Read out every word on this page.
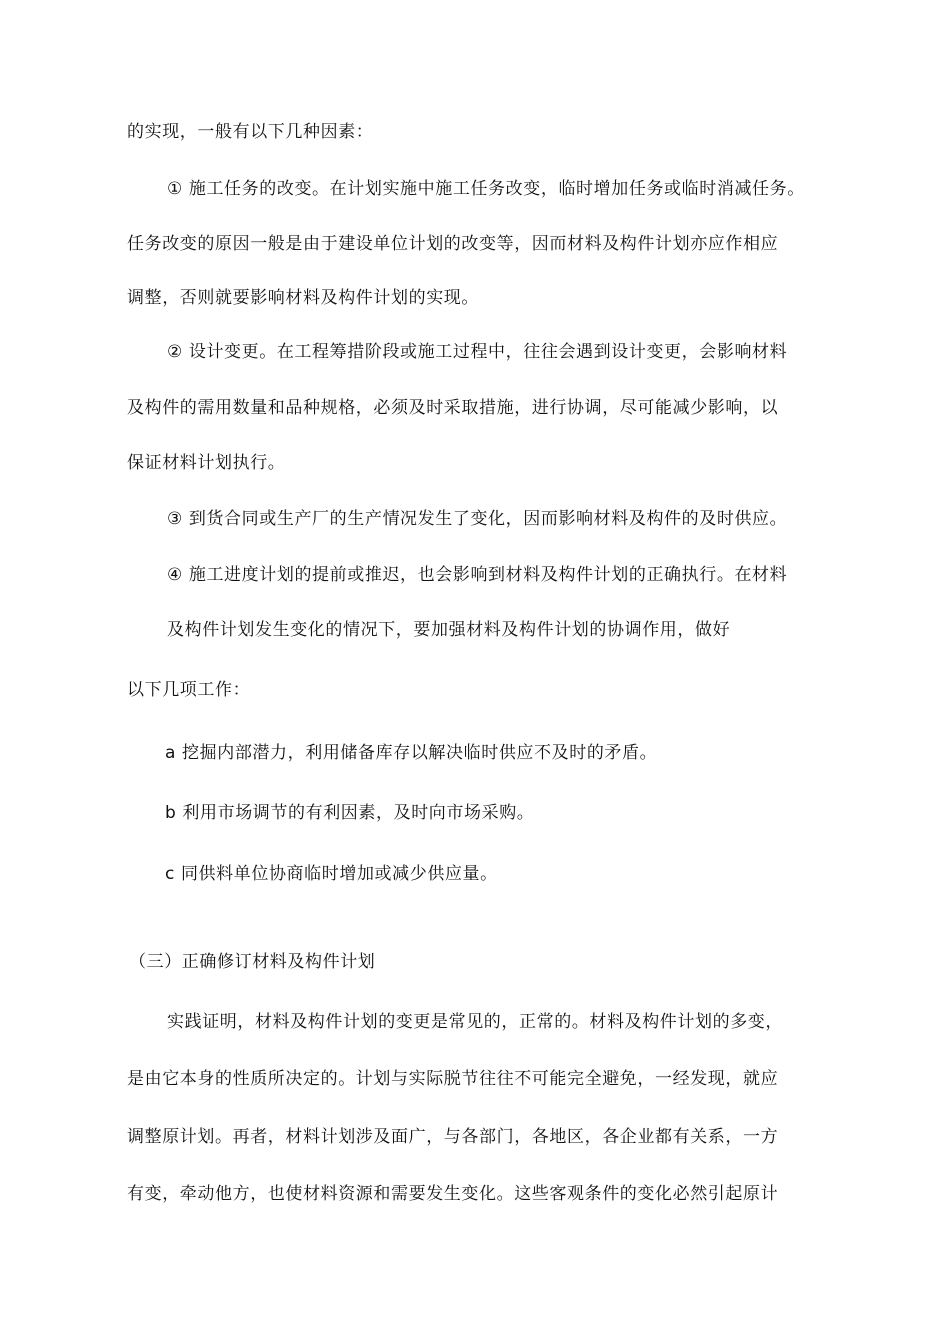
的实现，一般有以下几种因素：
① 施工任务的改变。在计划实施中施工任务改变，临时增加任务或临时消减任务。
任务改变的原因一般是由于建设单位计划的改变等，因而材料及构件计划亦应作相应
调整，否则就要影响材料及构件计划的实现。
② 设计变更。在工程筹措阶段或施工过程中，往往会遇到设计变更，会影响材料
及构件的需用数量和品种规格，必须及时采取措施，进行协调，尽可能减少影响，以
保证材料计划执行。
③ 到货合同或生产厂的生产情况发生了变化，因而影响材料及构件的及时供应。
④ 施工进度计划的提前或推迟，也会影响到材料及构件计划的正确执行。在材料
及构件计划发生变化的情况下，要加强材料及构件计划的协调作用，做好
以下几项工作：
a 挖掘内部潜力，利用储备库存以解决临时供应不及时的矛盾。
b 利用市场调节的有利因素，及时向市场采购。
c 同供料单位协商临时增加或减少供应量。
（三）正确修订材料及构件计划
实践证明，材料及构件计划的变更是常见的，正常的。材料及构件计划的多变，
是由它本身的性质所决定的。计划与实际脱节往往不可能完全避免，一经发现，就应
调整原计划。再者，材料计划涉及面广，与各部门，各地区，各企业都有关系，一方
有变，牵动他方，也使材料资源和需要发生变化。这些客观条件的变化必然引起原计
